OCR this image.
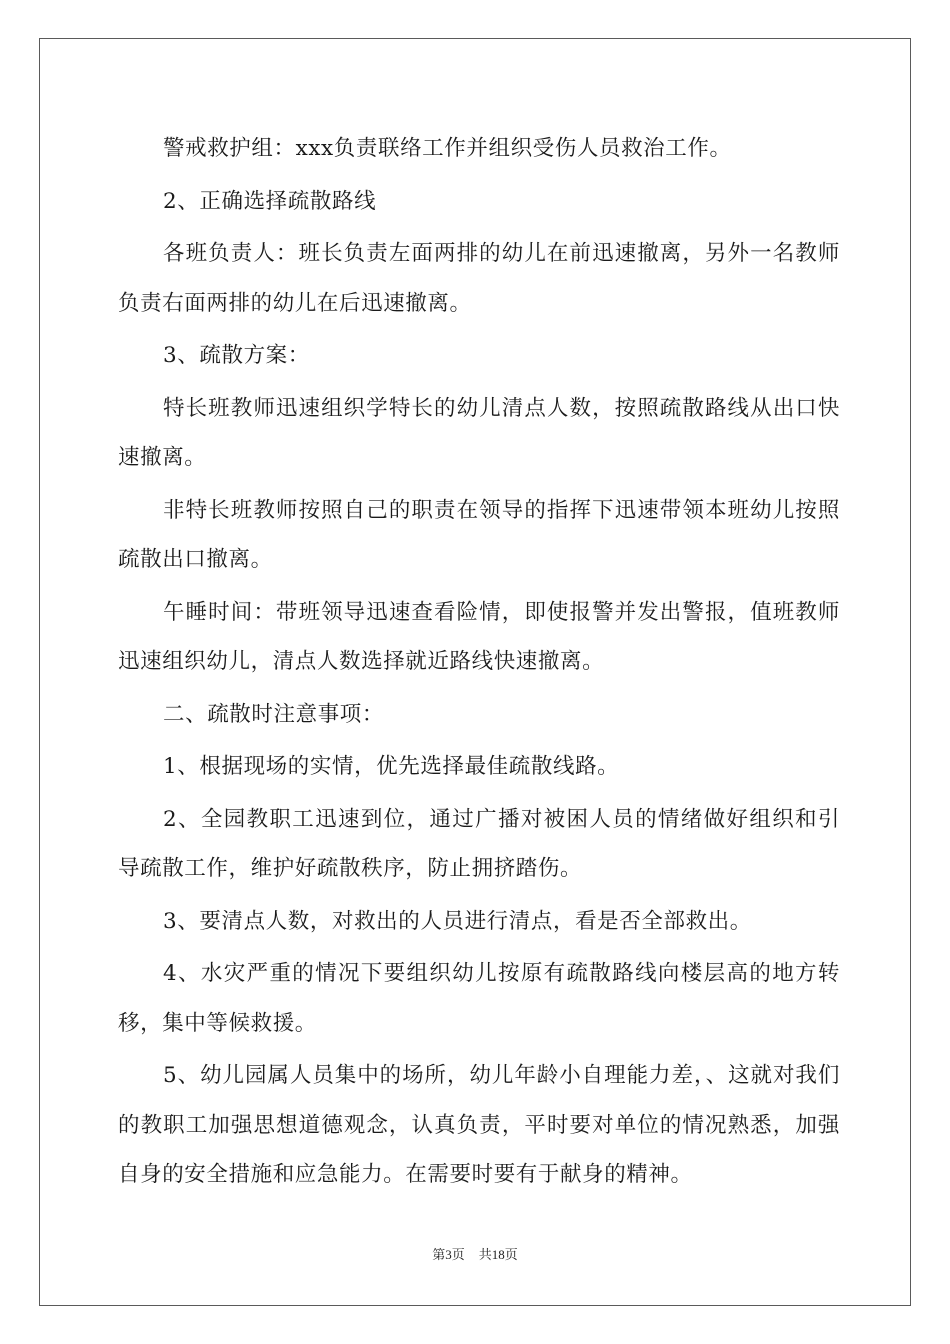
警戒救护组：xxx负责联络工作并组织受伤人员救治工作。

2、正确选择疏散路线

各班负责人：班长负责左面两排的幼儿在前迅速撤离，另外一名教师负责右面两排的幼儿在后迅速撤离。

3、疏散方案：

特长班教师迅速组织学特长的幼儿清点人数，按照疏散路线从出口快速撤离。

非特长班教师按照自己的职责在领导的指挥下迅速带领本班幼儿按照疏散出口撤离。

午睡时间：带班领导迅速查看险情，即使报警并发出警报，值班教师迅速组织幼儿，清点人数选择就近路线快速撤离。

二、疏散时注意事项：

1、根据现场的实情，优先选择最佳疏散线路。

2、全园教职工迅速到位，通过广播对被困人员的情绪做好组织和引导疏散工作，维护好疏散秩序，防止拥挤踏伤。

3、要清点人数，对救出的人员进行清点，看是否全部救出。

4、水灾严重的情况下要组织幼儿按原有疏散路线向楼层高的地方转移，集中等候救援。

5、幼儿园属人员集中的场所，幼儿年龄小自理能力差，、这就对我们的教职工加强思想道德观念，认真负责，平时要对单位的情况熟悉，加强自身的安全措施和应急能力。在需要时要有于献身的精神。

第3页 共18页
